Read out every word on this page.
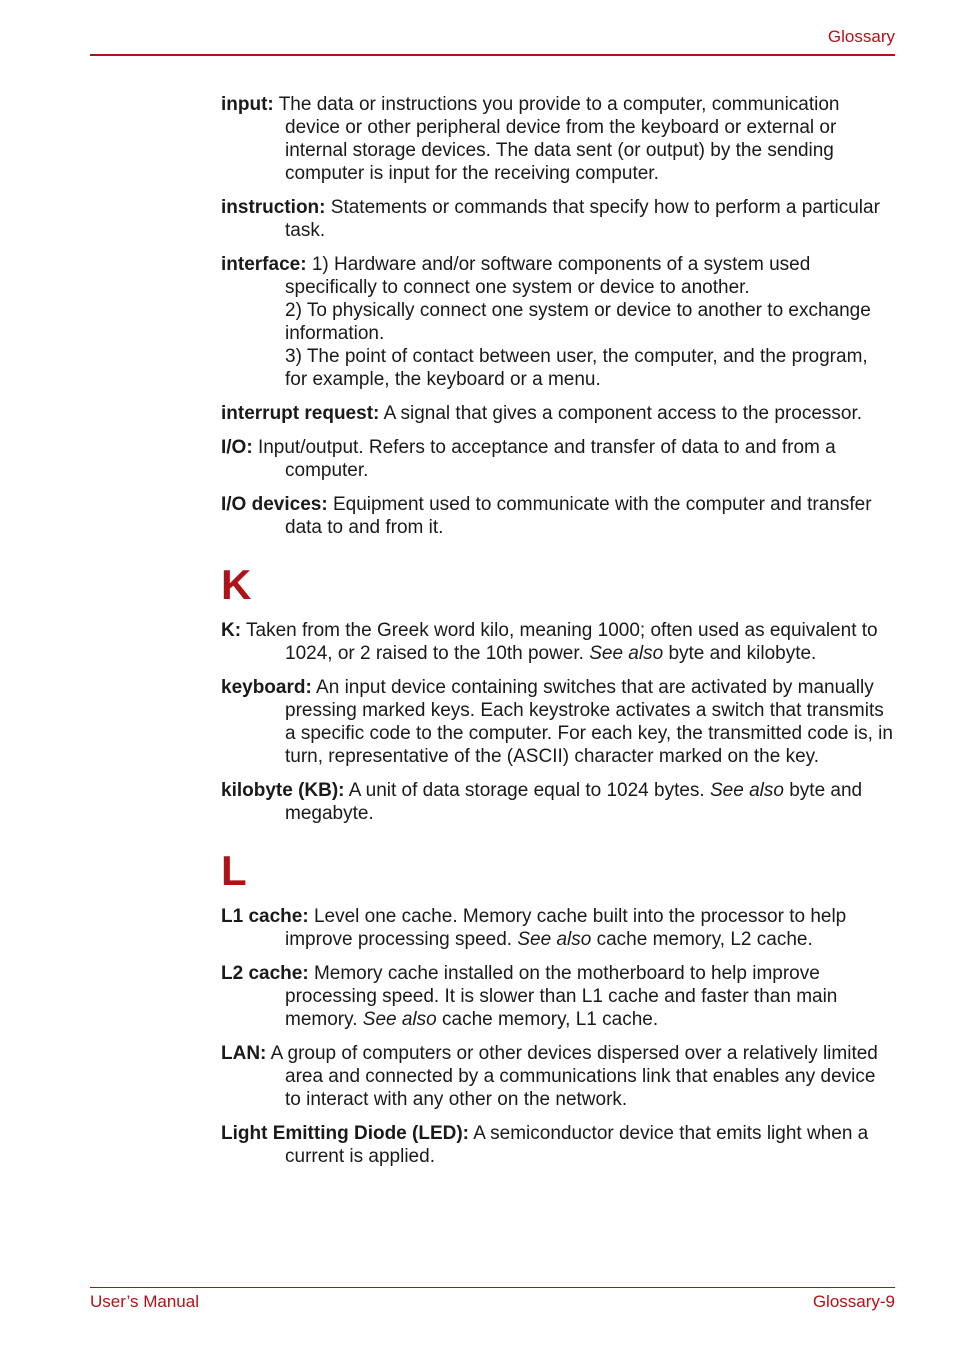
Glossary

input: The data or instructions you provide to a computer, communication device or other peripheral device from the keyboard or external or internal storage devices. The data sent (or output) by the sending computer is input for the receiving computer.

instruction: Statements or commands that specify how to perform a particular task.

interface: 1) Hardware and/or software components of a system used specifically to connect one system or device to another.
2) To physically connect one system or device to another to exchange information.
3) The point of contact between user, the computer, and the program, for example, the keyboard or a menu.

interrupt request: A signal that gives a component access to the processor.

I/O: Input/output. Refers to acceptance and transfer of data to and from a computer.

I/O devices: Equipment used to communicate with the computer and transfer data to and from it.

K

K: Taken from the Greek word kilo, meaning 1000; often used as equivalent to 1024, or 2 raised to the 10th power. See also byte and kilobyte.

keyboard: An input device containing switches that are activated by manually pressing marked keys. Each keystroke activates a switch that transmits a specific code to the computer. For each key, the transmitted code is, in turn, representative of the (ASCII) character marked on the key.

kilobyte (KB): A unit of data storage equal to 1024 bytes. See also byte and megabyte.

L

L1 cache: Level one cache. Memory cache built into the processor to help improve processing speed. See also cache memory, L2 cache.

L2 cache: Memory cache installed on the motherboard to help improve processing speed. It is slower than L1 cache and faster than main memory. See also cache memory, L1 cache.

LAN: A group of computers or other devices dispersed over a relatively limited area and connected by a communications link that enables any device to interact with any other on the network.

Light Emitting Diode (LED): A semiconductor device that emits light when a current is applied.

User’s Manual	Glossary-9
